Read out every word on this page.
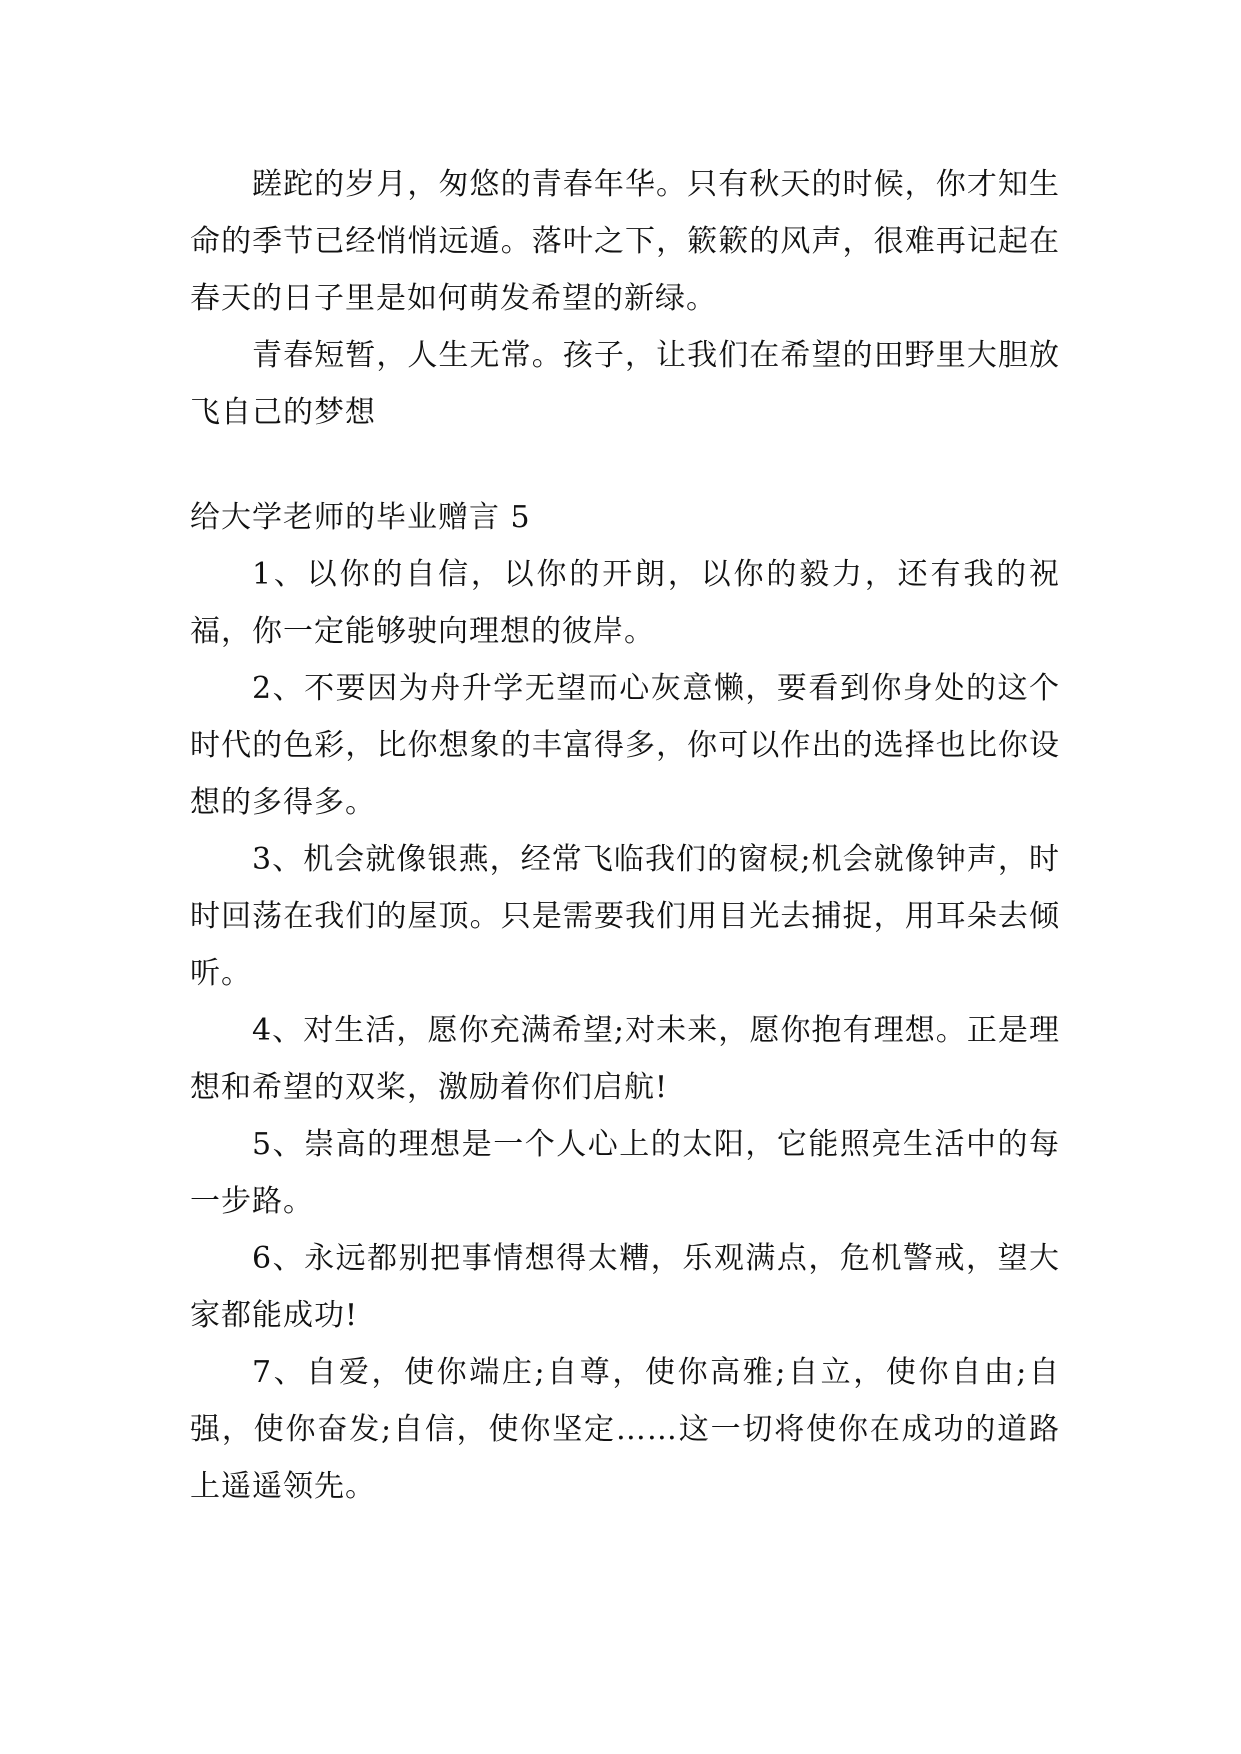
蹉跎的岁月，匆悠的青春年华。只有秋天的时候，你才知生命的季节已经悄悄远遁。落叶之下，簌簌的风声，很难再记起在春天的日子里是如何萌发希望的新绿。

青春短暂，人生无常。孩子，让我们在希望的田野里大胆放飞自己的梦想

给大学老师的毕业赠言 5

1、以你的自信，以你的开朗，以你的毅力，还有我的祝福，你一定能够驶向理想的彼岸。

2、不要因为舟升学无望而心灰意懒，要看到你身处的这个时代的色彩，比你想象的丰富得多，你可以作出的选择也比你设想的多得多。

3、机会就像银燕，经常飞临我们的窗棂;机会就像钟声，时时回荡在我们的屋顶。只是需要我们用目光去捕捉，用耳朵去倾听。

4、对生活，愿你充满希望;对未来，愿你抱有理想。正是理想和希望的双桨，激励着你们启航!

5、崇高的理想是一个人心上的太阳，它能照亮生活中的每一步路。

6、永远都别把事情想得太糟，乐观满点，危机警戒，望大家都能成功!

7、自爱，使你端庄;自尊，使你高雅;自立，使你自由;自强，使你奋发;自信，使你坚定……这一切将使你在成功的道路上遥遥领先。
